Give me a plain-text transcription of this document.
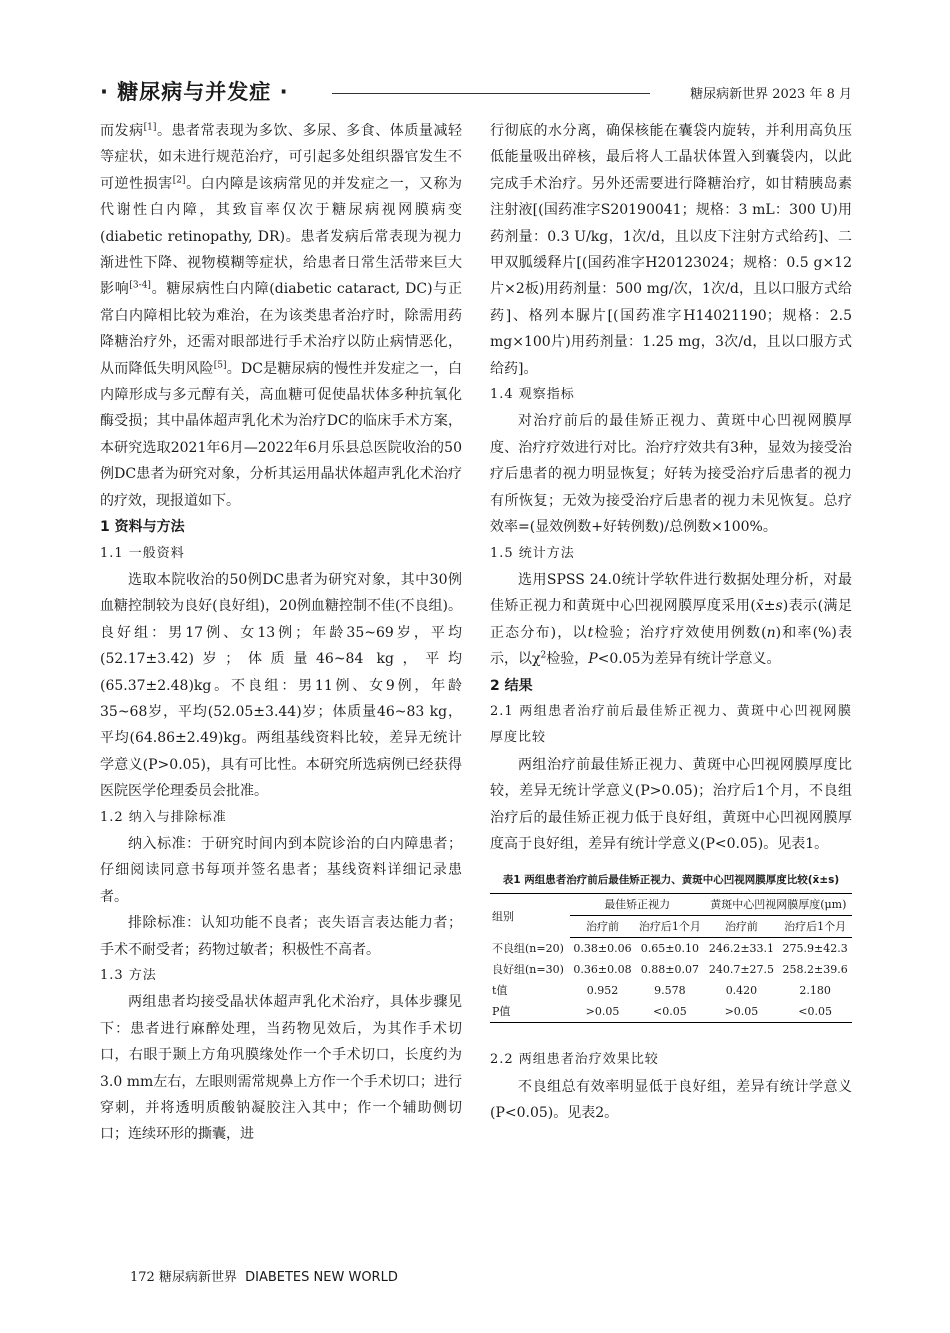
· 糖尿病与并发症 ·	糖尿病新世界 2023 年 8 月

而发病[1]。患者常表现为多饮、多尿、多食、体质量减轻等症状，如未进行规范治疗，可引起多处组织器官发生不可逆性损害[2]。白内障是该病常见的并发症之一，又称为代谢性白内障，其致盲率仅次于糖尿病视网膜病变(diabetic retinopathy, DR)。患者发病后常表现为视力渐进性下降、视物模糊等症状，给患者日常生活带来巨大影响[3-4]。糖尿病性白内障(diabetic cataract, DC)与正常白内障相比较为难治，在为该类患者治疗时，除需用药降糖治疗外，还需对眼部进行手术治疗以防止病情恶化，从而降低失明风险[5]。DC是糖尿病的慢性并发症之一，白内障形成与多元醇有关，高血糖可促使晶状体多种抗氧化酶受损；其中晶体超声乳化术为治疗DC的临床手术方案，本研究选取2021年6月—2022年6月乐县总医院收治的50例DC患者为研究对象，分析其运用晶状体超声乳化术治疗的疗效，现报道如下。

1 资料与方法

1.1 一般资料

选取本院收治的50例DC患者为研究对象，其中30例血糖控制较为良好(良好组)，20例血糖控制不佳(不良组)。良好组：男17例、女13例；年龄35~69岁，平均(52.17±3.42)岁；体质量46~84 kg，平均(65.37±2.48)kg。不良组：男11例、女9例，年龄35~68岁，平均(52.05±3.44)岁；体质量46~83 kg，平均(64.86±2.49)kg。两组基线资料比较，差异无统计学意义(P>0.05)，具有可比性。本研究所选病例已经获得医院医学伦理委员会批准。

1.2 纳入与排除标准

纳入标准：于研究时间内到本院诊治的白内障患者；仔细阅读同意书每项并签名患者；基线资料详细记录患者。

排除标准：认知功能不良者；丧失语言表达能力者；手术不耐受者；药物过敏者；积极性不高者。

1.3 方法

两组患者均接受晶状体超声乳化术治疗，具体步骤见下：患者进行麻醉处理，当药物见效后，为其作手术切口，右眼于颞上方角巩膜缘处作一个手术切口，长度约为3.0 mm左右，左眼则需常规鼻上方作一个手术切口；进行穿刺，并将透明质酸钠凝胶注入其中；作一个辅助侧切口；连续环形的撕囊，进

行彻底的水分离，确保核能在囊袋内旋转，并利用高负压低能量吸出碎核，最后将人工晶状体置入到囊袋内，以此完成手术治疗。另外还需要进行降糖治疗，如甘精胰岛素注射液[(国药准字S20190041；规格：3 mL：300 U)用药剂量：0.3 U/kg，1次/d，且以皮下注射方式给药]、二甲双胍缓释片[(国药准字H20123024；规格：0.5 g×12片×2板)用药剂量：500 mg/次，1次/d，且以口服方式给药]、格列本脲片[(国药准字H14021190；规格：2.5 mg×100片)用药剂量：1.25 mg，3次/d，且以口服方式给药]。

1.4 观察指标

对治疗前后的最佳矫正视力、黄斑中心凹视网膜厚度、治疗疗效进行对比。治疗疗效共有3种，显效为接受治疗后患者的视力明显恢复；好转为接受治疗后患者的视力有所恢复；无效为接受治疗后患者的视力未见恢复。总疗效率=(显效例数+好转例数)/总例数×100%。

1.5 统计方法

选用SPSS 24.0统计学软件进行数据处理分析，对最佳矫正视力和黄斑中心凹视网膜厚度采用(x̄±s)表示(满足正态分布)，以t检验；治疗疗效使用例数(n)和率(%)表示，以$\chi^2$检验，P<0.05为差异有统计学意义。

2 结果

2.1 两组患者治疗前后最佳矫正视力、黄斑中心凹视网膜厚度比较

两组治疗前最佳矫正视力、黄斑中心凹视网膜厚度比较，差异无统计学意义(P>0.05)；治疗后1个月，不良组治疗后的最佳矫正视力低于良好组，黄斑中心凹视网膜厚度高于良好组，差异有统计学意义(P<0.05)。见表1。

表1 两组患者治疗前后最佳矫正视力、黄斑中心凹视网膜厚度比较(x̄±s)
组别	最佳矫正视力		黄斑中心凹视网膜厚度(μm)	
	治疗前	治疗后1个月	治疗前	治疗后1个月
不良组(n=20)	0.38±0.06	0.65±0.10	246.2±33.1	275.9±42.3
良好组(n=30)	0.36±0.08	0.88±0.07	240.7±27.5	258.2±39.6
t值	0.952	9.578	0.420	2.180
P值	>0.05	<0.05	>0.05	<0.05

2.2 两组患者治疗效果比较

不良组总有效率明显低于良好组，差异有统计学意义(P<0.05)。见表2。

172 糖尿病新世界 DIABETES NEW WORLD
